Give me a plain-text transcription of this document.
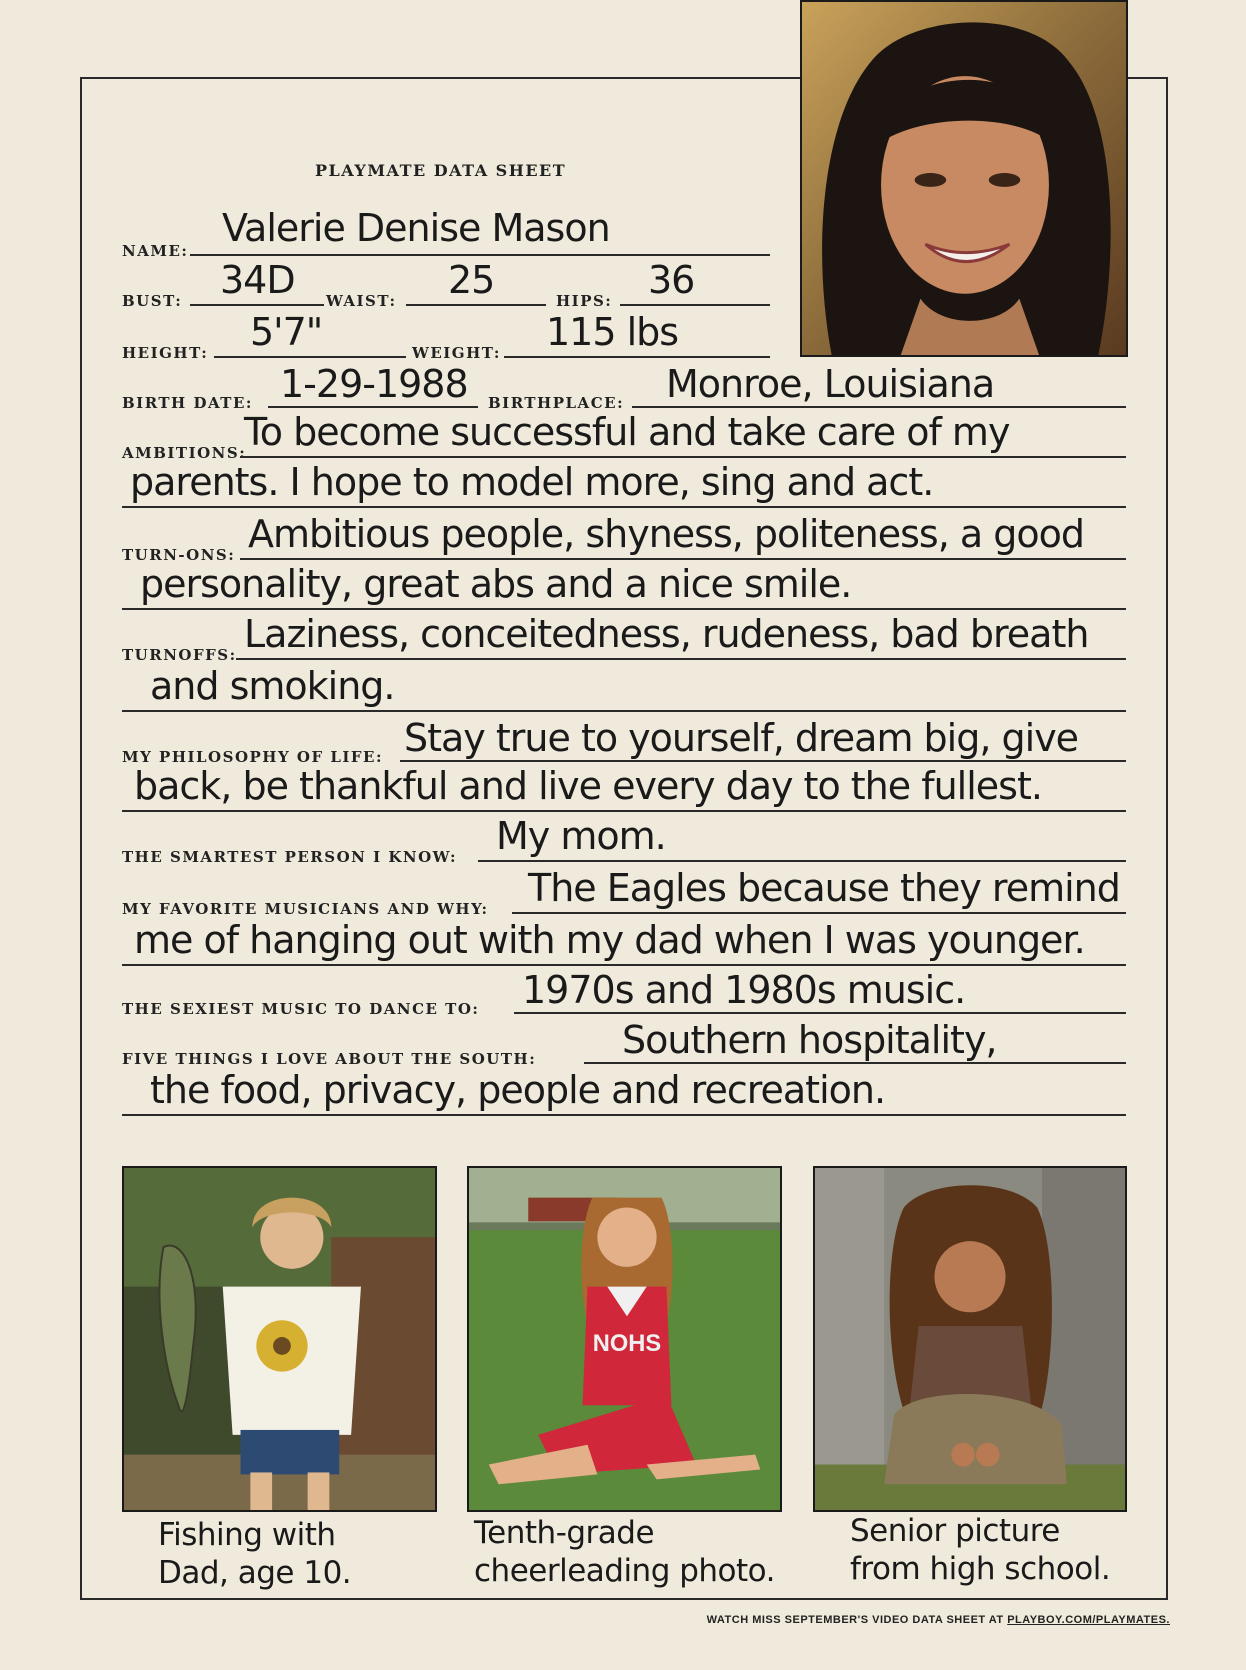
PLAYMATE DATA SHEET
NAME:
Valerie Denise Mason
BUST: 34D WAIST: 25	HIPS: 36
HEIGHT: 5'7"	WEIGHT: 115 lbs
BIRTH DATE: 1-29-1988 BIRTHPLACE: Monroe, Louisiana
AMBITIONS:
To become successful and take care of my
parents. I hope to model more, sing and act.
TURN-ONS: Ambitious people, shyness, politeness, a good
personality, great abs and a nice smile.
TURNOFFS: Laziness, conceitedness, rudeness, bad breath
and smoking.
MY PHILOSOPHY OF LIFE: Stay true to yourself, dream big, give
back, be thankful and live every day to the fullest.
THE SMARTEST PERSON I KNOW: My mom.
MY FAVORITE MUSICIANS AND WHY: The Eagles because they remind
me of hanging out with my dad when I was younger.
THE SEXIEST MUSIC TO DANCE TO: 1970s and 1980s music.
FIVE THINGS I LOVE ABOUT THE SOUTH: Southern hospitality,
the food, privacy, people and recreation.
NOHS
Fishing with
Dad, age 10.
Tenth-grade
cheerleading photo.
Senior picture
from high school.
WATCH MISS SEPTEMBER'S VIDEO DATA SHEET AT PLAYBOY.COM/PLAYMATES.
